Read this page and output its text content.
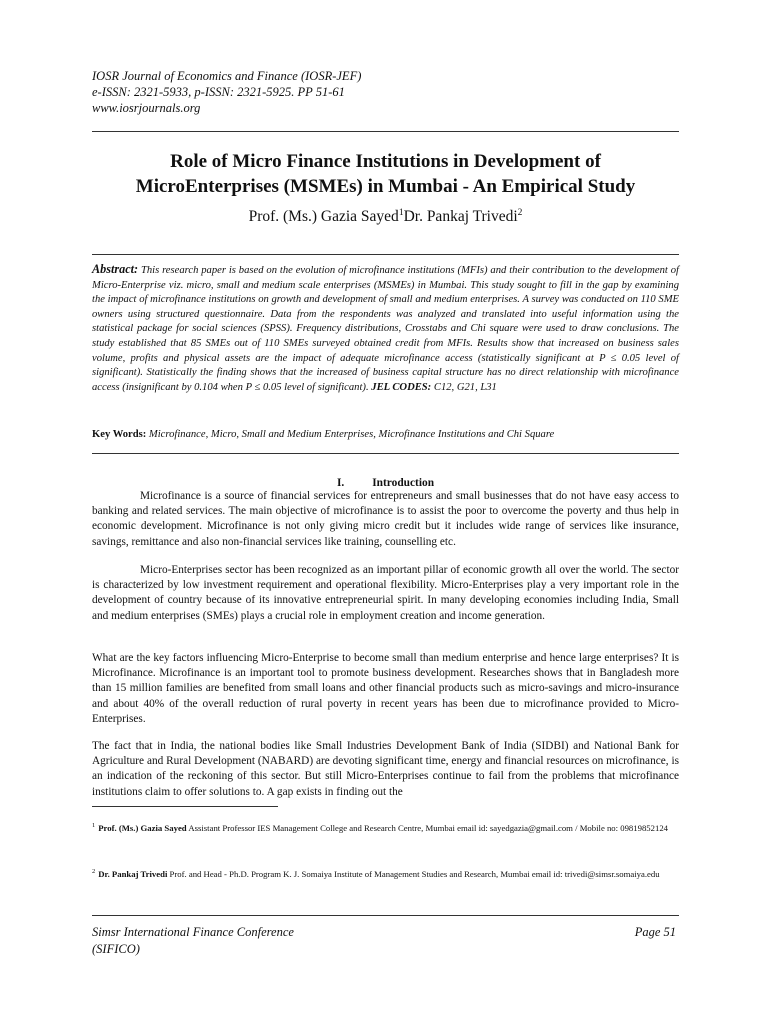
IOSR Journal of Economics and Finance (IOSR-JEF)
e-ISSN: 2321-5933, p-ISSN: 2321-5925. PP 51-61
www.iosrjournals.org
Role of Micro Finance Institutions in Development of
MicroEnterprises (MSMEs) in Mumbai - An Empirical Study
Prof. (Ms.) Gazia Sayed$^1$Dr. Pankaj Trivedi$^2$
Abstract: This research paper is based on the evolution of microfinance institutions (MFIs) and their contribution to the development of Micro-Enterprise viz. micro, small and medium scale enterprises (MSMEs) in Mumbai. This study sought to fill in the gap by examining the impact of microfinance institutions on growth and development of small and medium enterprises. A survey was conducted on 110 SME owners using structured questionnaire. Data from the respondents was analyzed and translated into useful information using the statistical package for social sciences (SPSS). Frequency distributions, Crosstabs and Chi square were used to draw conclusions. The study established that 85 SMEs out of 110 SMEs surveyed obtained credit from MFIs. Results show that increased on business sales volume, profits and physical assets are the impact of adequate microfinance access (statistically significant at P ≤ 0.05 level of significant). Statistically the finding shows that the increased of business capital structure has no direct relationship with microfinance access (insignificant by 0.104 when P ≤ 0.05 level of significant). JEL CODES: C12, G21, L31
Key Words: Microfinance, Micro, Small and Medium Enterprises, Microfinance Institutions and Chi Square
I. Introduction
Microfinance is a source of financial services for entrepreneurs and small businesses that do not have easy access to banking and related services. The main objective of microfinance is to assist the poor to overcome the poverty and thus help in economic development. Microfinance is not only giving micro credit but it includes wide range of services like insurance, savings, remittance and also non-financial services like training, counselling etc.
Micro-Enterprises sector has been recognized as an important pillar of economic growth all over the world. The sector is characterized by low investment requirement and operational flexibility. Micro-Enterprises play a very important role in the development of country because of its innovative entrepreneurial spirit. In many developing economies including India, Small and medium enterprises (SMEs) plays a crucial role in employment creation and income generation.
What are the key factors influencing Micro-Enterprise to become small than medium enterprise and hence large enterprises? It is Microfinance. Microfinance is an important tool to promote business development. Researches shows that in Bangladesh more than 15 million families are benefited from small loans and other financial products such as micro-savings and micro-insurance and about 40% of the overall reduction of rural poverty in recent years has been due to microfinance provided to Micro-Enterprises.
The fact that in India, the national bodies like Small Industries Development Bank of India (SIDBI) and National Bank for Agriculture and Rural Development (NABARD) are devoting significant time, energy and financial resources on microfinance, is an indication of the reckoning of this sector. But still Micro-Enterprises continue to fail from the problems that microfinance institutions claim to offer solutions to. A gap exists in finding out the
$^1$ Prof. (Ms.) Gazia Sayed Assistant Professor IES Management College and Research Centre, Mumbai email id: sayedgazia@gmail.com / Mobile no: 09819852124
$^2$ Dr. Pankaj Trivedi Prof. and Head - Ph.D. Program K. J. Somaiya Institute of Management Studies and Research, Mumbai email id: trivedi@simsr.somaiya.edu
Simsr International Finance Conference
(SIFICO)
Page 51
